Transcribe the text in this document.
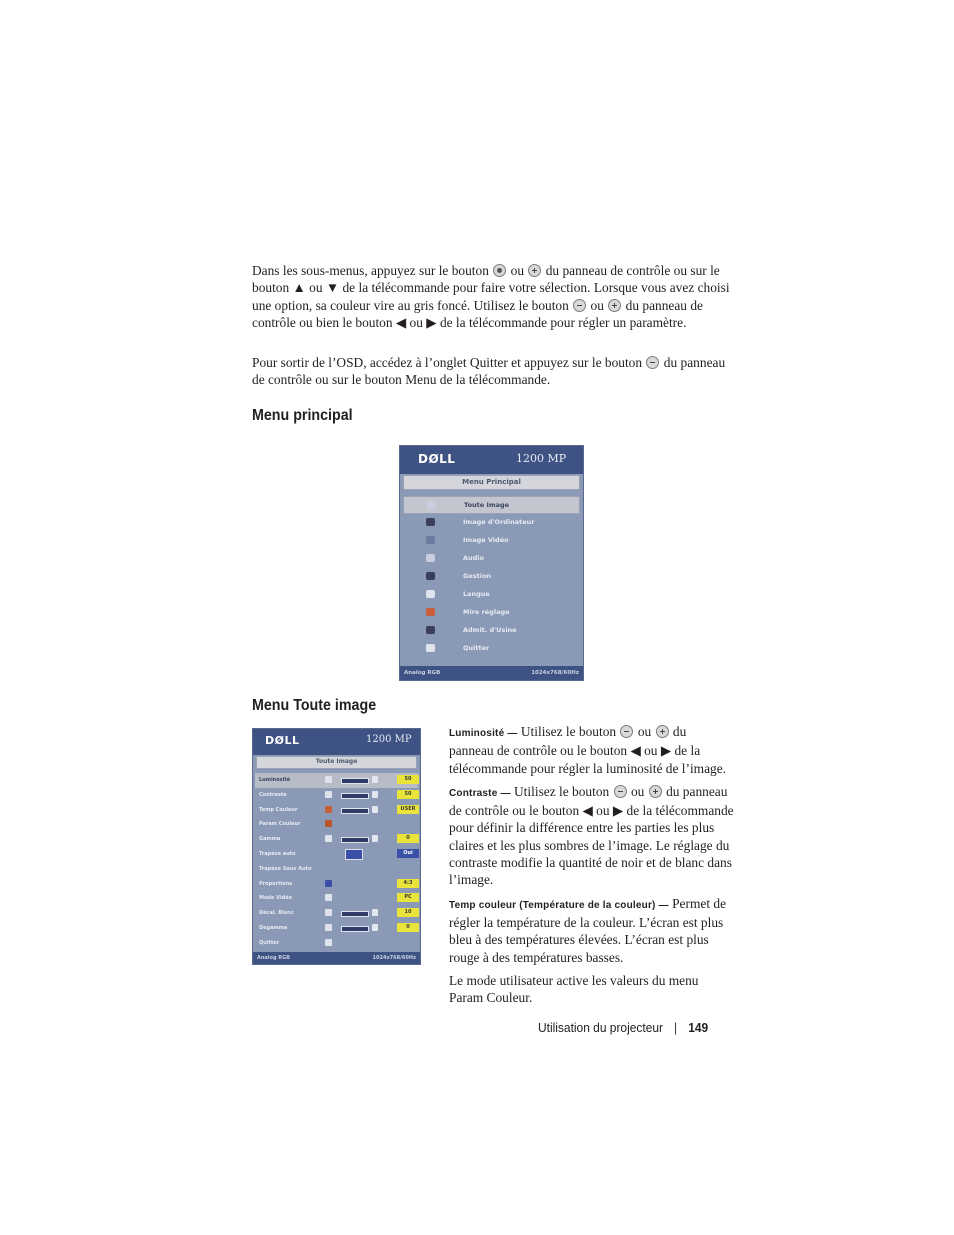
Dans les sous-menus, appuyez sur le bouton ou du panneau de contrôle ou sur le bouton ▲ ou ▼ de la télécommande pour faire votre sélection. Lorsque vous avez choisi une option, sa couleur vire au gris foncé. Utilisez le bouton ou du panneau de contrôle ou bien le bouton ◀ ou ▶ de la télécommande pour régler un paramètre.
Pour sortir de l’OSD, accédez à l’onglet Quitter et appuyez sur le bouton du panneau de contrôle ou sur le bouton Menu de la télécommande.
Menu principal
DØLL	1200 MP
Menu Principal
Toute Image
Image d'Ordinateur
Image Vidéo
Audio
Gestion
Langue
Mire réglage
Admit. d'Usine
Quitter
Analog RGB	1024x768/60Hz
Menu Toute image
DØLL	1200 MP
Toute Image
Luminosité	50
Contraste	50
Temp Couleur	USER
Param Couleur
Gamma	0
Trapèze auto	Oui
Trapèze Sauv Auto
Proportions	4:3
Mode Vidéo	PC
Décal. Blanc	10
Degamma	0
Quitter
Analog RGB	1024x768/60Hz

Luminosité — Utilisez le bouton ou du panneau de contrôle ou le bouton ◀ ou ▶ de la télécommande pour régler la luminosité de l’image.

Contraste — Utilisez le bouton ou du panneau de contrôle ou le bouton ◀ ou ▶ de la télécommande pour définir la différence entre les parties les plus claires et les plus sombres de l’image. Le réglage du contraste modifie la quantité de noir et de blanc dans l’image.

Temp couleur (Température de la couleur) — Permet de régler la température de la couleur. L’écran est plus bleu à des températures élevées. L’écran est plus rouge à des températures basses.

Le mode utilisateur active les valeurs du menu Param Couleur.

Utilisation du projecteur | 149
